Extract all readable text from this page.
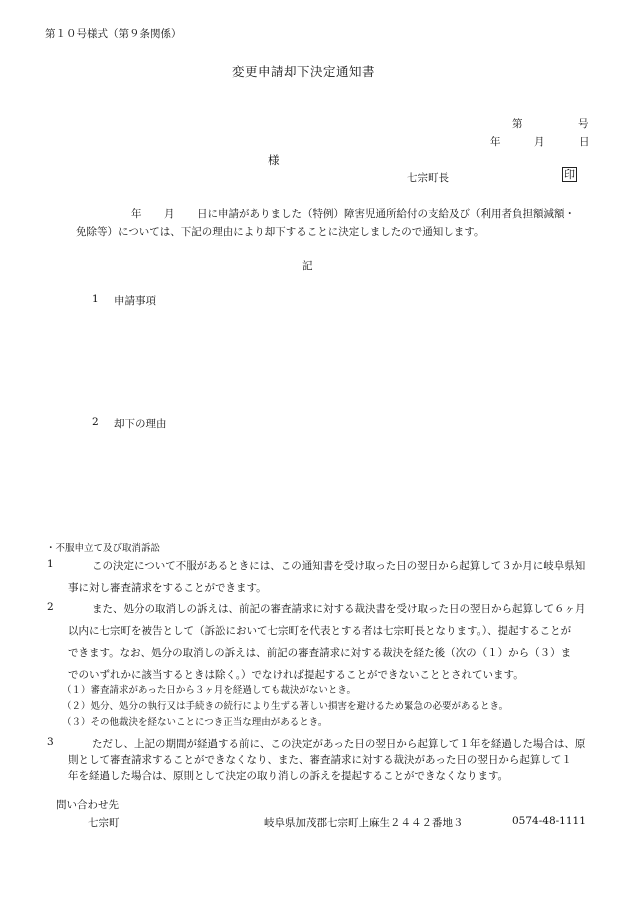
第１０号様式（第９条関係）
変更申請却下決定通知書
第	号
年	月	日
様
七宗町長	印
年 月 日に申請がありました（特例）障害児通所給付の支給及び（利用者負担額減額・
免除等）については、下記の理由により却下することに決定しましたので通知します。
記
1 申請事項
2 却下の理由
・不服申立て及び取消訴訟
1	この決定について不服があるときには、この通知書を受け取った日の翌日から起算して３か月に岐阜県知
事に対し審査請求をすることができます。
2	また、処分の取消しの訴えは、前記の審査請求に対する裁決書を受け取った日の翌日から起算して６ヶ月
以内に七宗町を被告として（訴訟において七宗町を代表とする者は七宗町長となります。）、提起することが
できます。なお、処分の取消しの訴えは、前記の審査請求に対する裁決を経た後（次の（１）から（３）ま
でのいずれかに該当するときは除く。）でなければ提起することができないこととされています。
（１）審査請求があった日から３ヶ月を経過しても裁決がないとき。
（２）処分、処分の執行又は手続きの続行により生ずる著しい損害を避けるため緊急の必要があるとき。
（３）その他裁決を経ないことにつき正当な理由があるとき。
3	ただし、上記の期間が経過する前に、この決定があった日の翌日から起算して１年を経過した場合は、原
則として審査請求することができなくなり、また、審査請求に対する裁決があった日の翌日から起算して１
年を経過した場合は、原則として決定の取り消しの訴えを提起することができなくなります。
問い合わせ先
七宗町	岐阜県加茂郡七宗町上麻生２４４２番地３	0574-48-1111
